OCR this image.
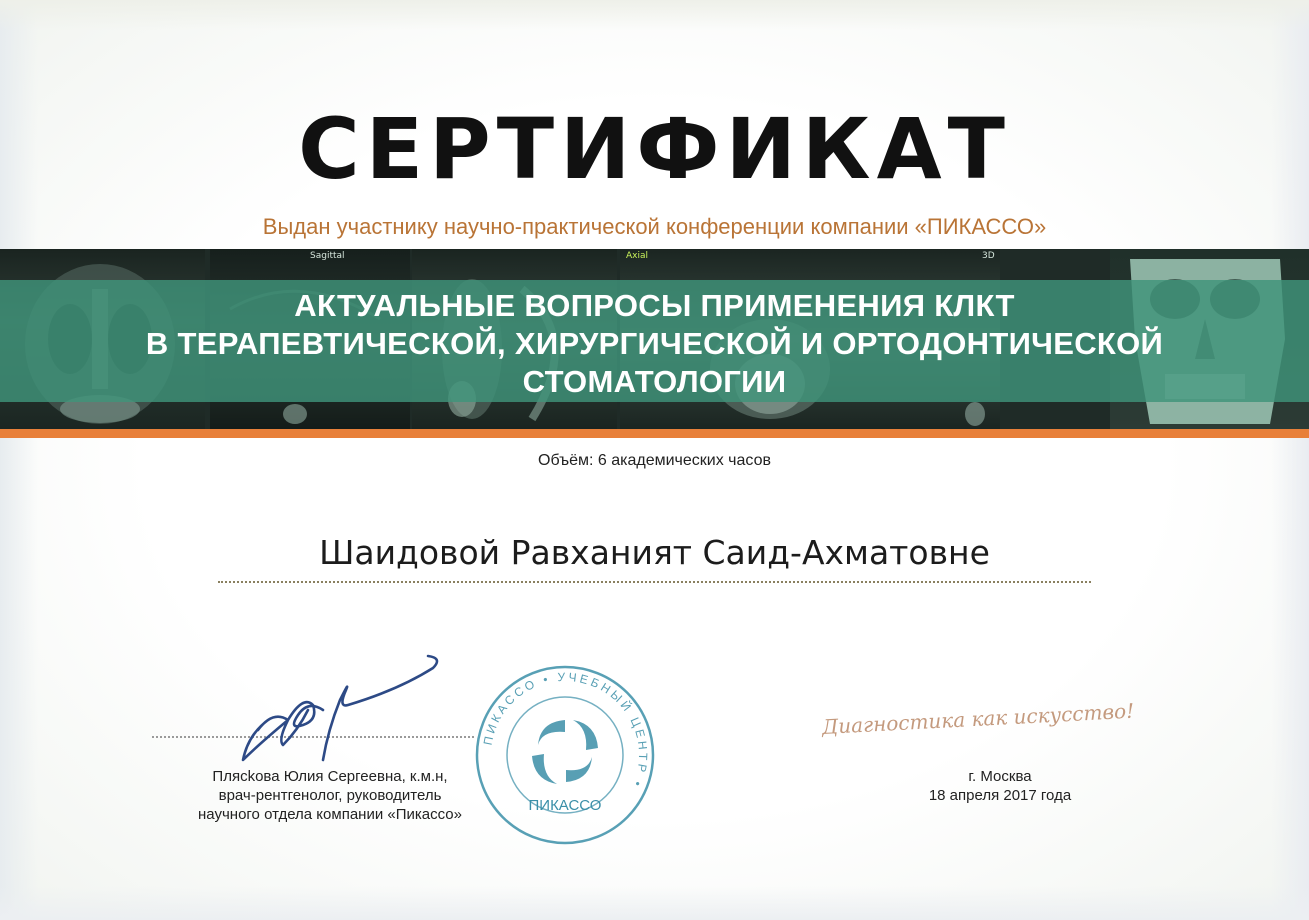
СЕРТИФИКАТ
Выдан участнику научно-практической конференции компании «ПИКАССО»
Sagittal	Axial	3D
АКТУАЛЬНЫЕ ВОПРОСЫ ПРИМЕНЕНИЯ КЛКТ
В ТЕРАПЕВТИЧЕСКОЙ, ХИРУРГИЧЕСКОЙ И ОРТОДОНТИЧЕСКОЙ
СТОМАТОЛОГИИ
Объём: 6 академических часов
Шаидовой Равханият Саид-Ахматовне
Плясkова Юлия Сергеевна, к.м.н,
врач-рентгенолог, руководитель
научного отдела компании «Пикассо»
ПИКАССО
ПИКАССО • УЧЕБНЫЙ ЦЕНТР •
Диагностика как искусство!
г. Москва
18 апреля 2017 года
